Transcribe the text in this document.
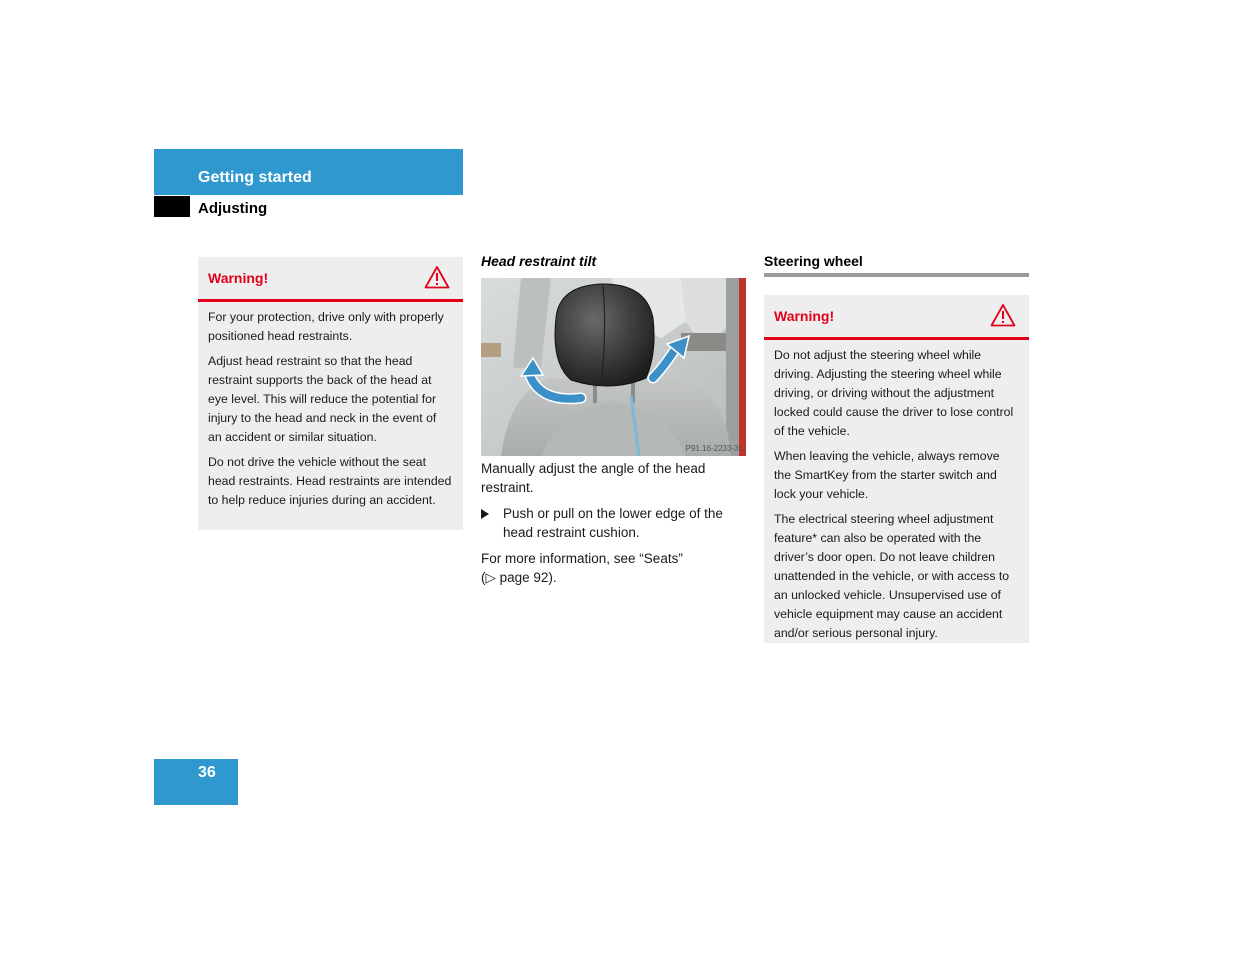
Getting started
Adjusting
Warning!

For your protection, drive only with properly positioned head restraints.

Adjust head restraint so that the head restraint supports the back of the head at eye level. This will reduce the potential for injury to the head and neck in the event of an accident or similar situation.

Do not drive the vehicle without the seat head restraints. Head restraints are intended to help reduce injuries during an accident.

Head restraint tilt
P91.16-2233-31
Manually adjust the angle of the head restraint.
Push or pull on the lower edge of the head restraint cushion.
For more information, see “Seats”
(▷ page 92).
Steering wheel
Warning!

Do not adjust the steering wheel while driving. Adjusting the steering wheel while driving, or driving without the adjustment locked could cause the driver to lose control of the vehicle.

When leaving the vehicle, always remove the SmartKey from the starter switch and lock your vehicle.

The electrical steering wheel adjustment feature* can also be operated with the driver’s door open. Do not leave children unattended in the vehicle, or with access to an unlocked vehicle. Unsupervised use of vehicle equipment may cause an accident and/or serious personal injury.

36
